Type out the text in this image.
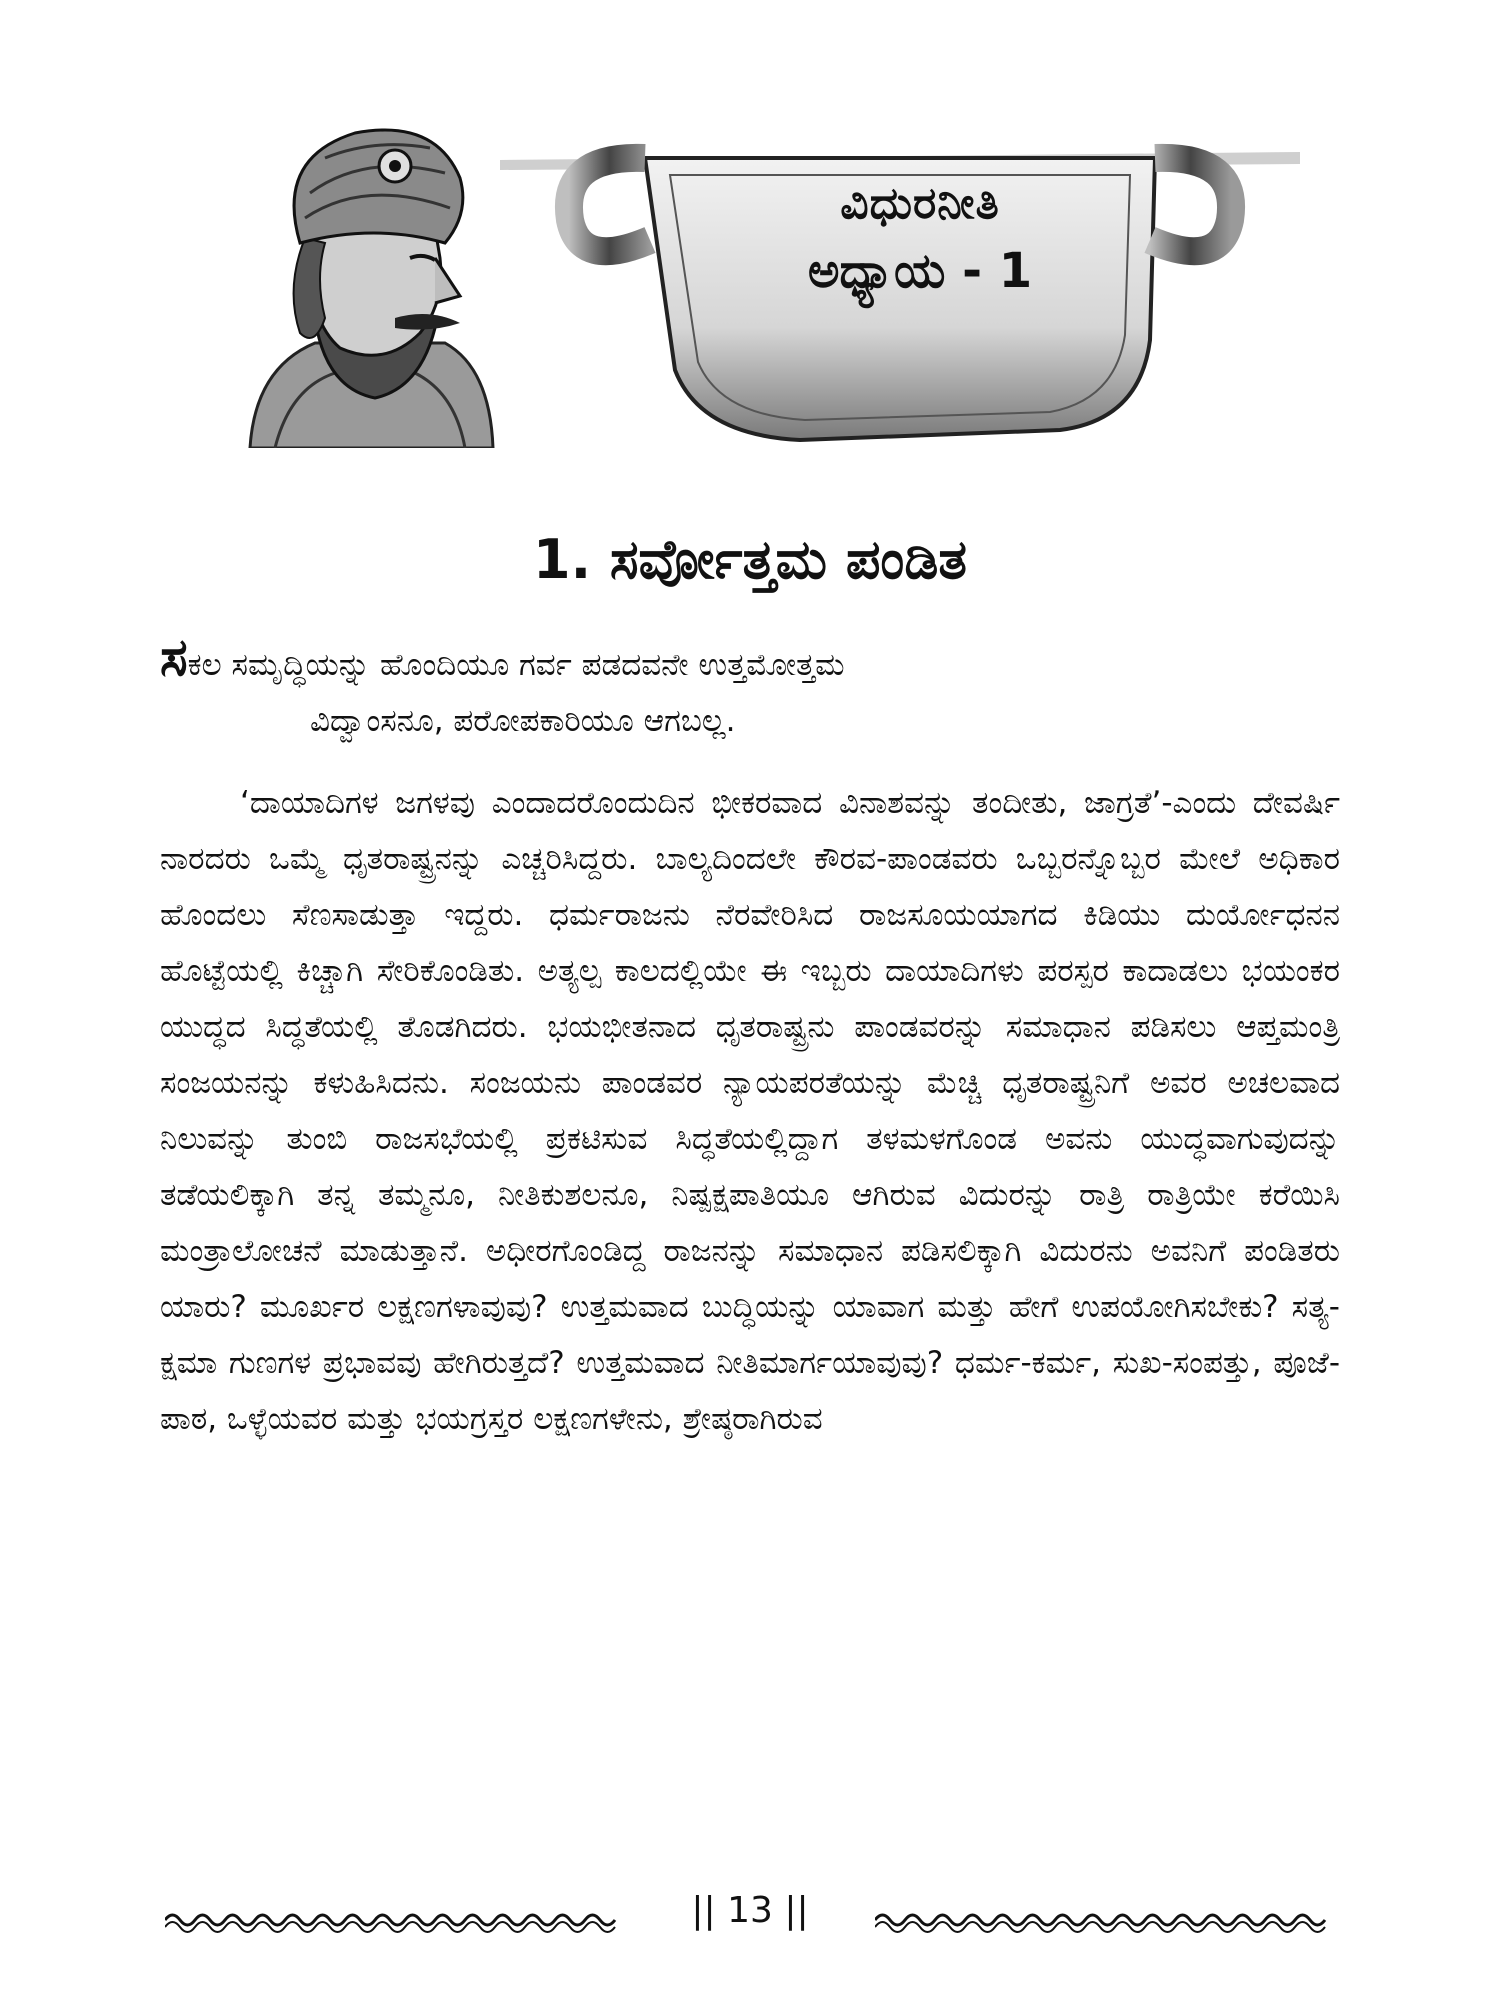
ವಿಧುರನೀತಿ
ಅಧ್ಯಾಯ - 1
1. ಸರ್ವೋತ್ತಮ ಪಂಡಿತ

ಸಕಲ ಸಮೃದ್ಧಿಯನ್ನು ಹೊಂದಿಯೂ ಗರ್ವ ಪಡದವನೇ ಉತ್ತಮೋತ್ತಮ

ವಿದ್ವಾಂಸನೂ, ಪರೋಪಕಾರಿಯೂ ಆಗಬಲ್ಲ.

‘ದಾಯಾದಿಗಳ ಜಗಳವು ಎಂದಾದರೊಂದುದಿನ ಭೀಕರವಾದ ವಿನಾಶವನ್ನು ತಂದೀತು, ಜಾಗ್ರತೆ’-ಎಂದು ದೇವರ್ಷಿ ನಾರದರು ಒಮ್ಮೆ ಧೃತರಾಷ್ಟ್ರನನ್ನು ಎಚ್ಚರಿಸಿದ್ದರು. ಬಾಲ್ಯದಿಂದಲೇ ಕೌರವ-ಪಾಂಡವರು ಒಬ್ಬರನ್ನೊಬ್ಬರ ಮೇಲೆ ಅಧಿಕಾರ ಹೊಂದಲು ಸೆಣಸಾಡುತ್ತಾ ಇದ್ದರು. ಧರ್ಮರಾಜನು ನೆರವೇರಿಸಿದ ರಾಜಸೂಯಯಾಗದ ಕಿಡಿಯು ದುರ್ಯೋಧನನ ಹೊಟ್ಟೆಯಲ್ಲಿ ಕಿಚ್ಚಾಗಿ ಸೇರಿಕೊಂಡಿತು. ಅತ್ಯಲ್ಪ ಕಾಲದಲ್ಲಿಯೇ ಈ ಇಬ್ಬರು ದಾಯಾದಿಗಳು ಪರಸ್ಪರ ಕಾದಾಡಲು ಭಯಂಕರ ಯುದ್ಧದ ಸಿದ್ಧತೆಯಲ್ಲಿ ತೊಡಗಿದರು. ಭಯಭೀತನಾದ ಧೃತರಾಷ್ಟ್ರನು ಪಾಂಡವರನ್ನು ಸಮಾಧಾನ ಪಡಿಸಲು ಆಪ್ತಮಂತ್ರಿ ಸಂಜಯನನ್ನು ಕಳುಹಿಸಿದನು. ಸಂಜಯನು ಪಾಂಡವರ ನ್ಯಾಯಪರತೆಯನ್ನು ಮೆಚ್ಚಿ ಧೃತರಾಷ್ಟ್ರನಿಗೆ ಅವರ ಅಚಲವಾದ ನಿಲುವನ್ನು ತುಂಬಿ ರಾಜಸಭೆಯಲ್ಲಿ ಪ್ರಕಟಿಸುವ ಸಿದ್ಧತೆಯಲ್ಲಿದ್ದಾಗ ತಳಮಳಗೊಂಡ ಅವನು ಯುದ್ಧವಾಗುವುದನ್ನು ತಡೆಯಲಿಕ್ಕಾಗಿ ತನ್ನ ತಮ್ಮನೂ, ನೀತಿಕುಶಲನೂ, ನಿಷ್ಪಕ್ಷಪಾತಿಯೂ ಆಗಿರುವ ವಿದುರನ್ನು ರಾತ್ರಿ ರಾತ್ರಿಯೇ ಕರೆಯಿಸಿ ಮಂತ್ರಾಲೋಚನೆ ಮಾಡುತ್ತಾನೆ. ಅಧೀರಗೊಂಡಿದ್ದ ರಾಜನನ್ನು ಸಮಾಧಾನ ಪಡಿಸಲಿಕ್ಕಾಗಿ ವಿದುರನು ಅವನಿಗೆ ಪಂಡಿತರು ಯಾರು? ಮೂರ್ಖರ ಲಕ್ಷಣಗಳಾವುವು? ಉತ್ತಮವಾದ ಬುದ್ಧಿಯನ್ನು ಯಾವಾಗ ಮತ್ತು ಹೇಗೆ ಉಪಯೋಗಿಸಬೇಕು? ಸತ್ಯ-ಕ್ಷಮಾ ಗುಣಗಳ ಪ್ರಭಾವವು ಹೇಗಿರುತ್ತದೆ? ಉತ್ತಮವಾದ ನೀತಿಮಾರ್ಗಯಾವುವು? ಧರ್ಮ-ಕರ್ಮ, ಸುಖ-ಸಂಪತ್ತು, ಪೂಜೆ-ಪಾಠ, ಒಳ್ಳೆಯವರ ಮತ್ತು ಭಯಗ್ರಸ್ತರ ಲಕ್ಷಣಗಳೇನು, ಶ್ರೇಷ್ಠರಾಗಿರುವ

|| 13 ||
